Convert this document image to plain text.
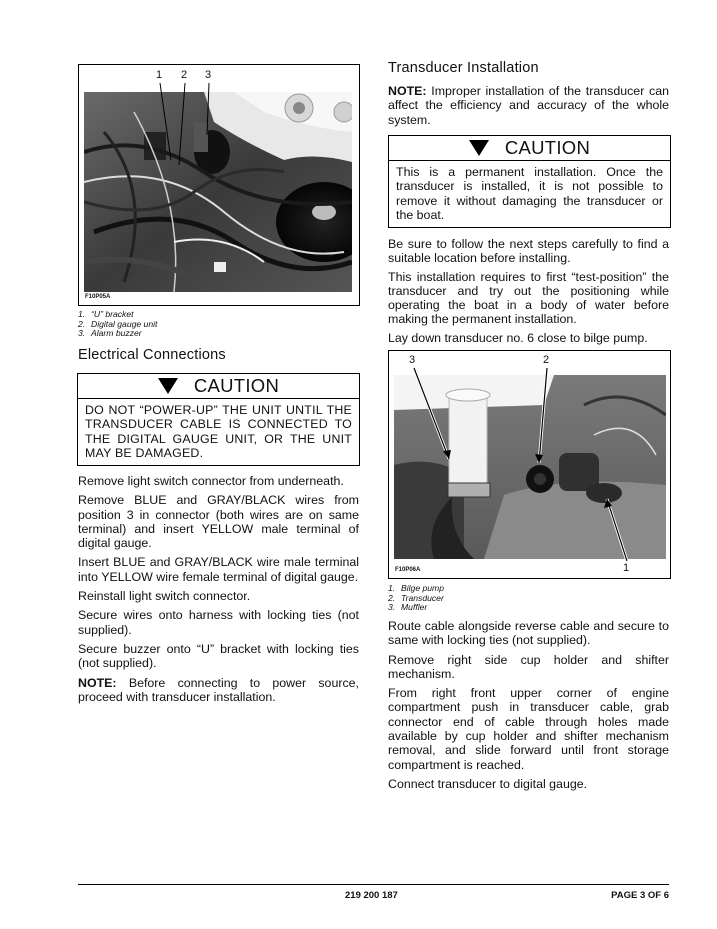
1 2 3
F10P05A
1. “U” bracket
2. Digital gauge unit
3. Alarm buzzer
Electrical Connections
CAUTION
DO NOT “POWER-UP” THE UNIT UNTIL THE TRANSDUCER CABLE IS CONNECTED TO THE DIGITAL GAUGE UNIT, OR THE UNIT MAY BE DAMAGED.

Remove light switch connector from underneath.

Remove BLUE and GRAY/BLACK wires from position 3 in connector (both wires are on same terminal) and insert YELLOW male terminal of digital gauge.

Insert BLUE and GRAY/BLACK wire male terminal into YELLOW wire female terminal of digital gauge.

Reinstall light switch connector.

Secure wires onto harness with locking ties (not supplied).

Secure buzzer onto “U” bracket with locking ties (not supplied).

NOTE: Before connecting to power source, proceed with transducer installation.

Transducer Installation

NOTE: Improper installation of the transducer can affect the efficiency and accuracy of the whole system.

CAUTION
This is a permanent installation. Once the transducer is installed, it is not possible to remove it without damaging the transducer or the boat.

Be sure to follow the next steps carefully to find a suitable location before installing.

This installation requires to first “test-position” the transducer and try out the positioning while operating the boat in a body of water before making the permanent installation.

Lay down transducer no. 6 close to bilge pump.

3	2
1
F10P06A
1. Bilge pump
2. Transducer
3. Muffler

Route cable alongside reverse cable and secure to same with locking ties (not supplied).

Remove right side cup holder and shifter mechanism.

From right front upper corner of engine compartment push in transducer cable, grab connector end of cable through holes made available by cup holder and shifter mechanism removal, and slide forward until front storage compartment is reached.

Connect transducer to digital gauge.

219 200 187	PAGE 3 OF 6
